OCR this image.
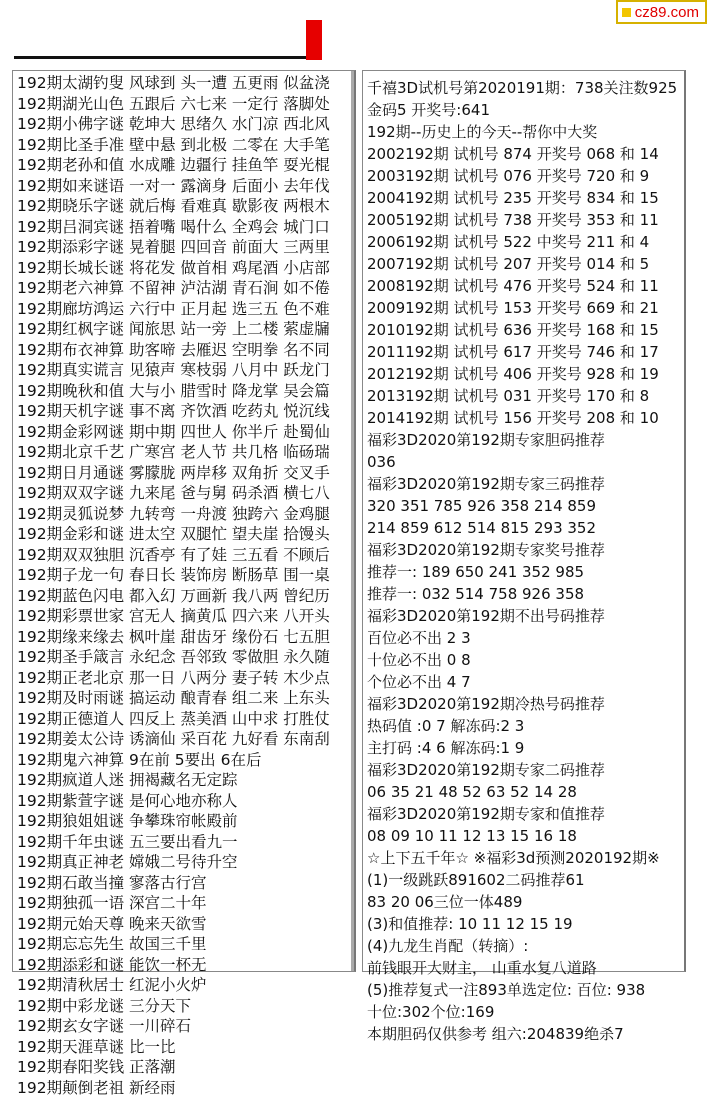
cz89.com
192期太湖钓叟 风球到 头一遭 五更雨 似盆浇
192期湖光山色 五跟后 六七来 一定行 落脚处
192期小佛字谜 乾坤大 思绪久 水门凉 西北风
192期比圣手准 壁中悬 到北极 二零在 大手笔
192期老孙和值 水成雕 边疆行 挂鱼竿 耍光棍
192期如来谜语 一对一 露滴身 后面小 去年伐
192期晓乐字谜 就后梅 看难真 歇影夜 两根木
192期吕洞宾谜 捂着嘴 喝什么 全鸡会 城门口
192期添彩字谜 晃着腿 四回音 前面大 三两里
192期长城长谜 将花发 做首相 鸡尾酒 小店部
192期老六神算 不留神 泸沽湖 青石涧 如不倦
192期廊坊鸿运 六行中 正月起 选三五 色不难
192期红枫字谜 闻旅思 站一旁 上二楼 萦虚牖
192期布衣神算 助客啼 去雁迟 空明拳 名不同
192期真实谎言 见猿声 寒枝弱 八月中 跃龙门
192期晚秋和值 大与小 腊雪时 降龙掌 吴会篇
192期天机字谜 事不离 齐饮酒 吃药丸 悦沉线
192期金彩网谜 期中期 四世人 你半斤 赴蜀仙
192期北京千艺 广寒宫 老人节 共几格 临砀瑞
192期日月通谜 雾朦胧 两岸移 双角折 交叉手
192期双双字谜 九来尾 爸与舅 码杀酒 横七八
192期灵狐说梦 九转弯 一舟渡 独跨六 金鸡腿
192期金彩和谜 进太空 双腿忙 望夫崖 拾馒头
192期双双独胆 沉香亭 有了娃 三五看 不顾后
192期子龙一句 春日长 装饰房 断肠草 围一桌
192期蓝色闪电 都入幻 万画新 我八两 曾纪历
192期彩票世家 宫无人 摘黄瓜 四六来 八开头
192期缘来缘去 枫叶崖 甜齿牙 缘份石 七五胆
192期圣手箴言 永纪念 吾邻致 零做胆 永久随
192期正老北京 那一日 八两分 妻子转 木少点
192期及时雨谜 搞运动 酿青春 组二来 上东头
192期正德道人 四反上 蒸美酒 山中求 打胜仗
192期姜太公诗 诱滴仙 采百花 九好看 东南刮
192期鬼六神算 9在前 5要出 6在后
192期疯道人迷 拥褐藏名无定踪
192期紫萱字谜 是何心地亦称人
192期狼姐姐谜 争攀珠帘帐殿前
192期千年虫谜 五三要出看九一
192期真正神老 嫦娥二号待升空
192期石敢当撞 寥落古行宫
192期独孤一语 深宫二十年
192期元始天尊 晚来天欲雪
192期忘忘先生 故国三千里
192期添彩和谜 能饮一杯无
192期清秋居士 红泥小火炉
192期中彩龙谜 三分天下
192期玄女字谜 一川碎石
192期天涯草谜 比一比
192期春阳奖钱 正落潮
192期颠倒老祖 新经雨
千禧3D试机号第2020191期：738关注数925
金码5 开奖号:641
192期--历史上的今天--帮你中大奖
2002192期 试机号 874 开奖号 068 和 14
2003192期 试机号 076 开奖号 720 和 9
2004192期 试机号 235 开奖号 834 和 15
2005192期 试机号 738 开奖号 353 和 11
2006192期 试机号 522 中奖号 211 和 4
2007192期 试机号 207 开奖号 014 和 5
2008192期 试机号 476 开奖号 524 和 11
2009192期 试机号 153 开奖号 669 和 21
2010192期 试机号 636 开奖号 168 和 15
2011192期 试机号 617 开奖号 746 和 17
2012192期 试机号 406 开奖号 928 和 19
2013192期 试机号 031 开奖号 170 和 8
2014192期 试机号 156 开奖号 208 和 10
福彩3D2020第192期专家胆码推荐
036
福彩3D2020第192期专家三码推荐
320 351 785 926 358 214 859
214 859 612 514 815 293 352
福彩3D2020第192期专家奖号推荐
推荐一: 189 650 241 352 985
推荐一: 032 514 758 926 358
福彩3D2020第192期不出号码推荐
百位必不出 2 3
十位必不出 0 8
个位必不出 4 7
福彩3D2020第192期冷热号码推荐
热码值 :0 7 解冻码:2 3
主打码 :4 6 解冻码:1 9
福彩3D2020第192期专家二码推荐
06 35 21 48 52 63 52 14 28
福彩3D2020第192期专家和值推荐
08 09 10 11 12 13 15 16 18
☆上下五千年☆ ※福彩3d预测2020192期※
(1)一级跳跃891602二码推荐61
83 20 06三位一体489
(3)和值推荐: 10 11 12 15 19
(4)九龙生肖配（转摘）:
前钱眼开大财主， 山重水复八道路
(5)推荐复式一注893单选定位: 百位: 938
十位:302个位:169
本期胆码仅供参考 组六:204839绝杀7
